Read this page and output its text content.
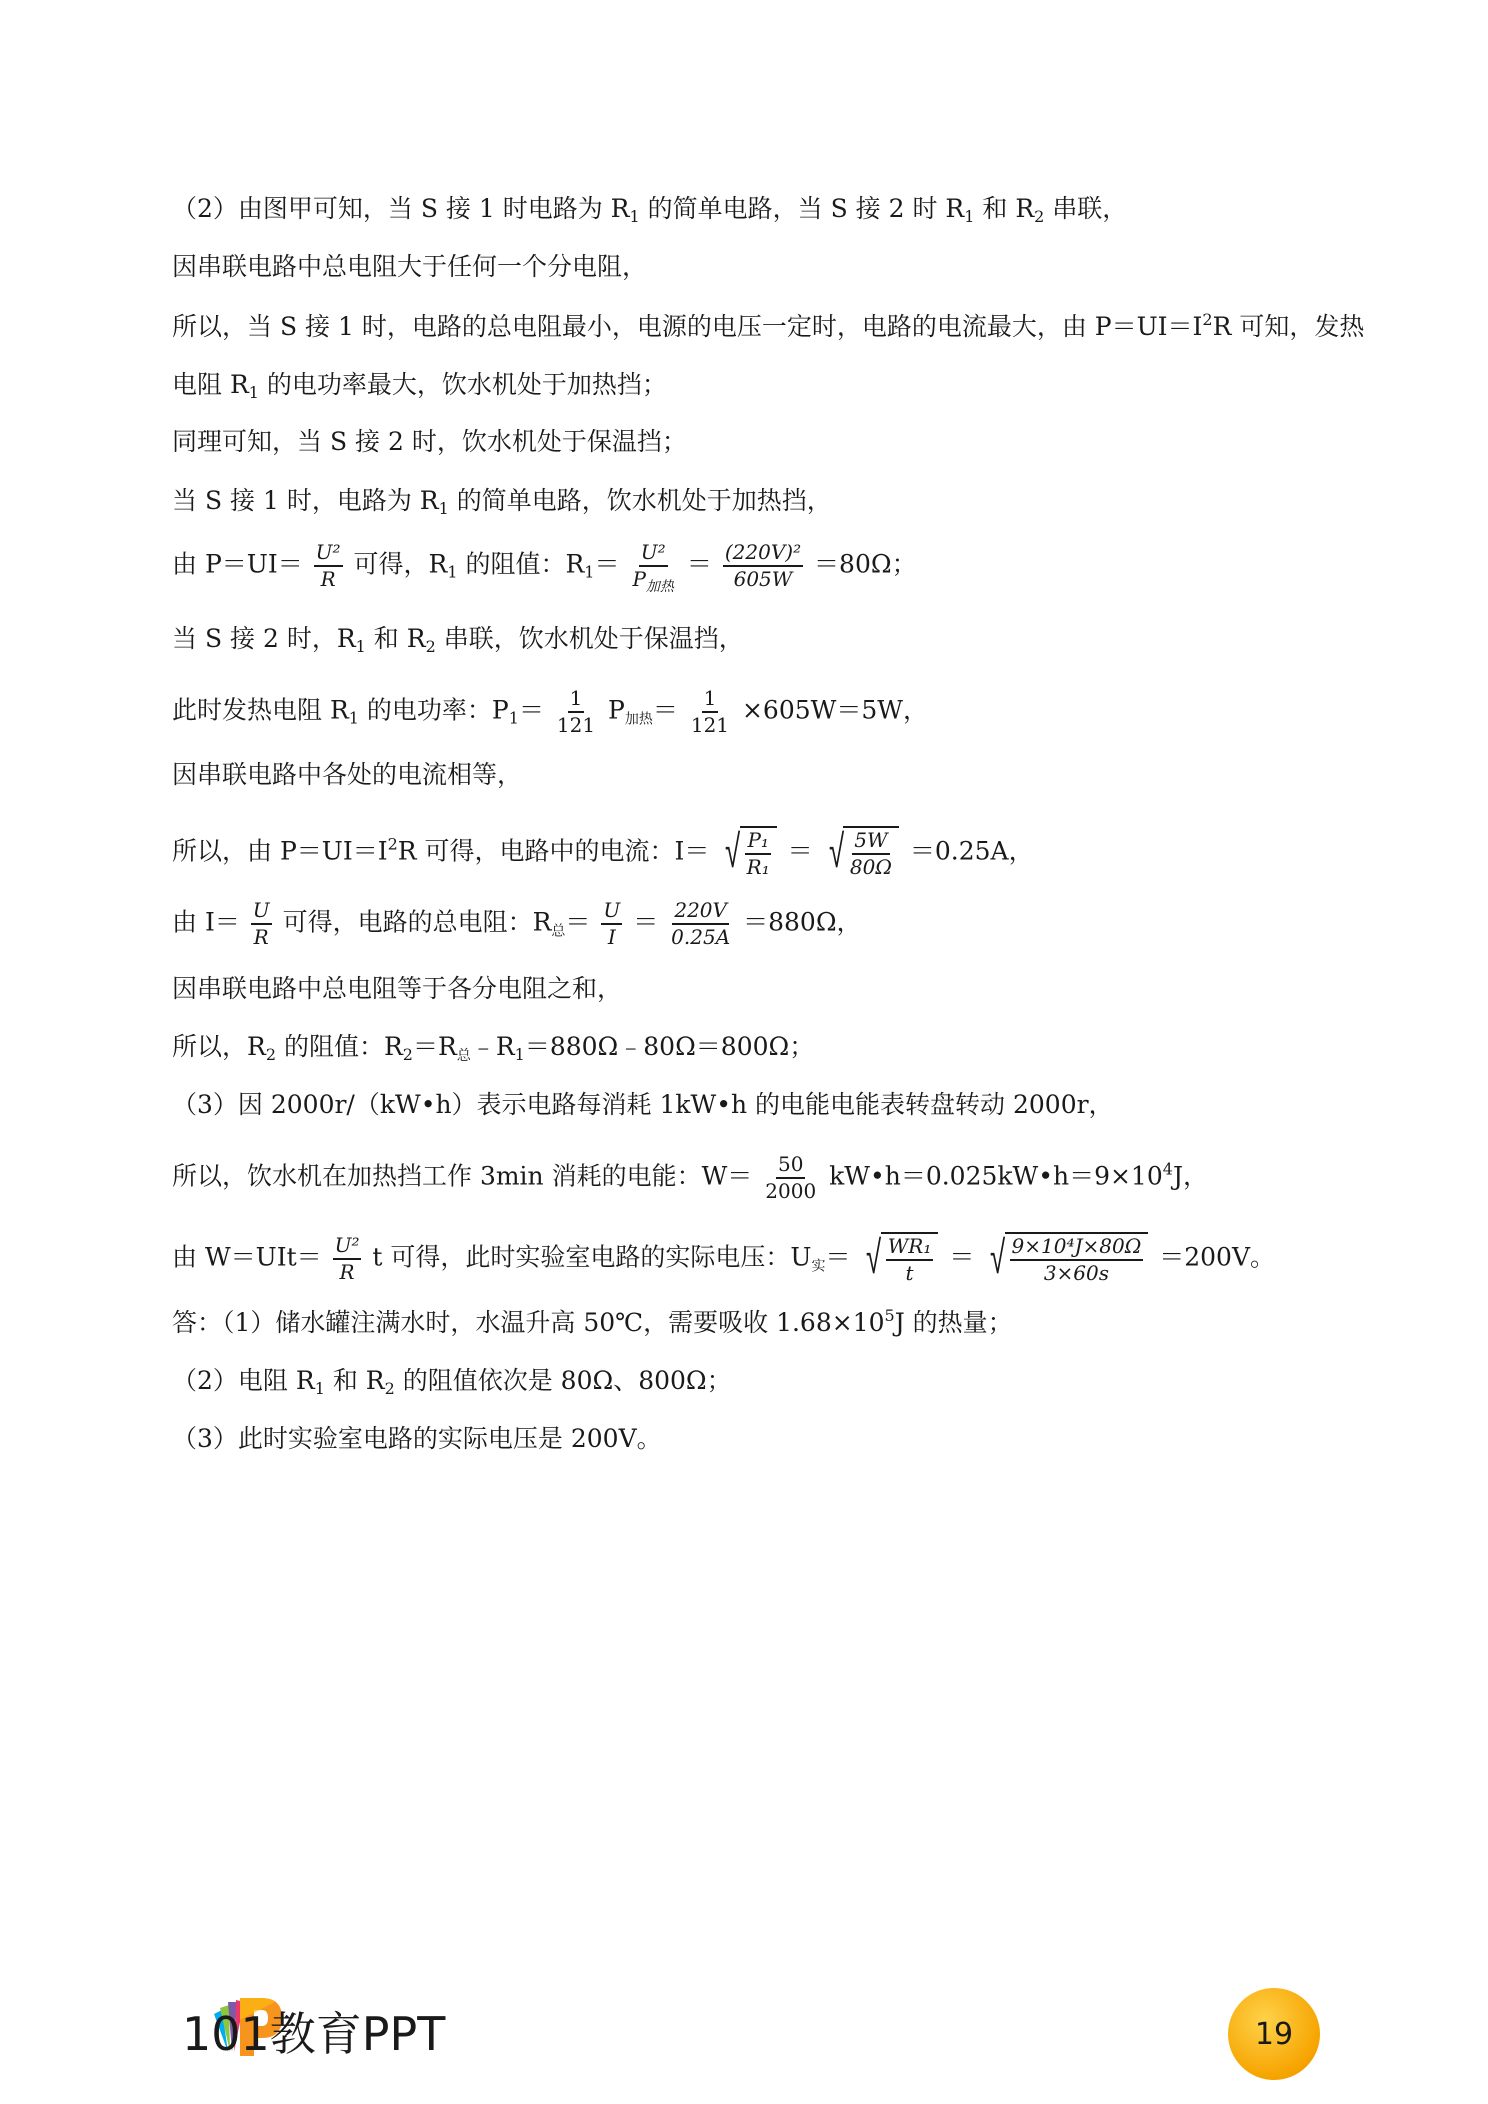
（2）由图甲可知，当 S 接 1 时电路为 $R_1$ 的简单电路，当 S 接 2 时 $R_1$ 和 $R_2$ 串联，
因串联电路中总电阻大于任何一个分电阻，
所以，当 S 接 1 时，电路的总电阻最小，电源的电压一定时，电路的电流最大，由 $P=UI=I^2R$ 可知，发热电阻 $R_1$ 的电功率最大，饮水机处于加热挡；
同理可知，当 S 接 2 时，饮水机处于保温挡；
当 S 接 1 时，电路为 $R_1$ 的简单电路，饮水机处于加热挡，
由 $P=UI= \frac{\text{U²}}{R}$ 可得，$R_1$ 的阻值：$R_1= \frac{\text{U²}}{P_{加热}} = \frac{\text{(220V)²}}{605W} =80\Omega$；
当 S 接 2 时，$R_1$ 和 $R_2$ 串联，饮水机处于保温挡，
此时发热电阻 $R_1$ 的电功率：$P_1= \frac{1}{121} P_{加热}= \frac{1}{121} \times 605W=5W$，
因串联电路中各处的电流相等，
所以，由 $P=UI=I^2R$ 可得，电路中的电流：I＝ √ $\frac{\text{P₁}}{\text{R₁}}$ ＝ √ $\frac{5W}{80\Omega} =0.25A$，
由 $I= \frac{U}{R}$ 可得，电路的总电阻：$R_总= \frac{U}{I} = \frac{220V}{0.25A} =880\Omega$，
因串联电路中总电阻等于各分电阻之和，
所以，$R_2$ 的阻值：$R_2=R_总﹣R_1=880\Omega﹣80\Omega=800\Omega$；
（3）因 2000r/（kW•h）表示电路每消耗 1kW•h 的电能电能表转盘转动 2000r，
所以，饮水机在加热挡工作 3min 消耗的电能：$W= \frac{50}{2000}$ $kW•h=0.025kW•h=9\times 10^4J$，
由 $W=UIt= \frac{\text{U²}}{R}$ t 可得，此时实验室电路的实际电压：$U_实=$ √ $\frac{\text{WR₁}}{t}$ ＝ √ $\frac{\text{9×10⁴J×80Ω}}{3\times 60s} =200V$。
答：（1）储水罐注满水时，水温升高 50℃，需要吸收 $1.68\times 10^5J$ 的热量；
（2）电阻 $R_1$ 和 $R_2$ 的阻值依次是 80Ω、800Ω；
（3）此时实验室电路的实际电压是 200V。
101教育PPT	19
